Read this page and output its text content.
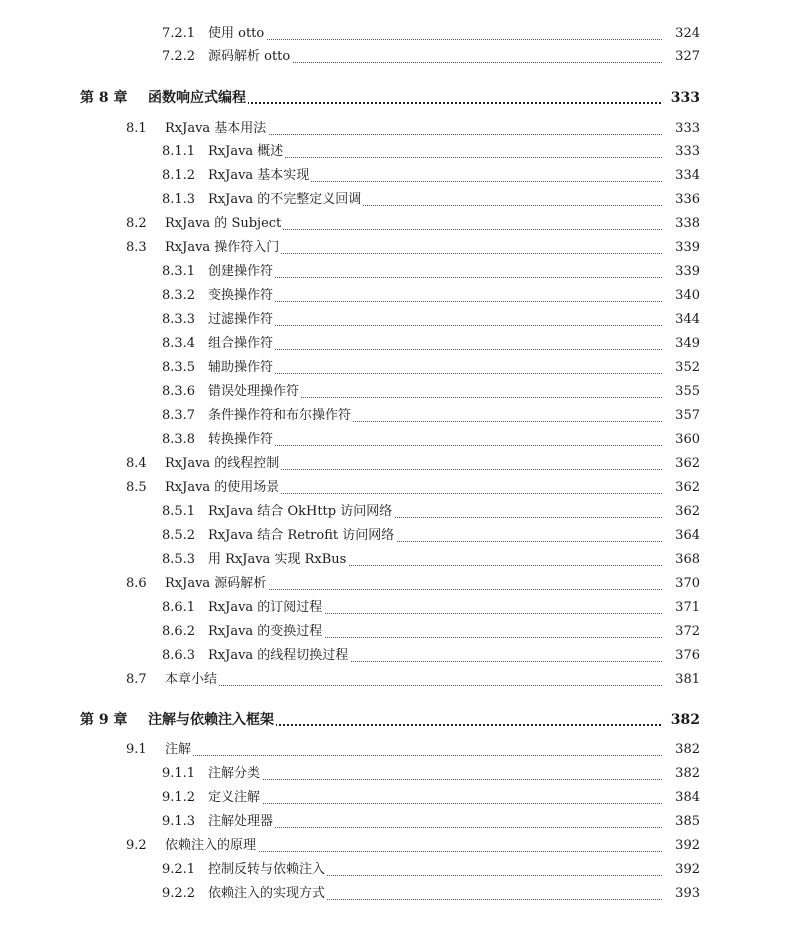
7.2.1 使用 otto	324
7.2.2 源码解析 otto	327
第 8 章 函数响应式编程	333
8.1 RxJava 基本用法	333
8.1.1 RxJava 概述	333
8.1.2 RxJava 基本实现	334
8.1.3 RxJava 的不完整定义回调	336
8.2 RxJava 的 Subject	338
8.3 RxJava 操作符入门	339
8.3.1 创建操作符	339
8.3.2 变换操作符	340
8.3.3 过滤操作符	344
8.3.4 组合操作符	349
8.3.5 辅助操作符	352
8.3.6 错误处理操作符	355
8.3.7 条件操作符和布尔操作符	357
8.3.8 转换操作符	360
8.4 RxJava 的线程控制	362
8.5 RxJava 的使用场景	362
8.5.1 RxJava 结合 OkHttp 访问网络	362
8.5.2 RxJava 结合 Retrofit 访问网络	364
8.5.3 用 RxJava 实现 RxBus	368
8.6 RxJava 源码解析	370
8.6.1 RxJava 的订阅过程	371
8.6.2 RxJava 的变换过程	372
8.6.3 RxJava 的线程切换过程	376
8.7 本章小结	381
第 9 章 注解与依赖注入框架	382
9.1 注解	382
9.1.1 注解分类	382
9.1.2 定义注解	384
9.1.3 注解处理器	385
9.2 依赖注入的原理	392
9.2.1 控制反转与依赖注入	392
9.2.2 依赖注入的实现方式	393
